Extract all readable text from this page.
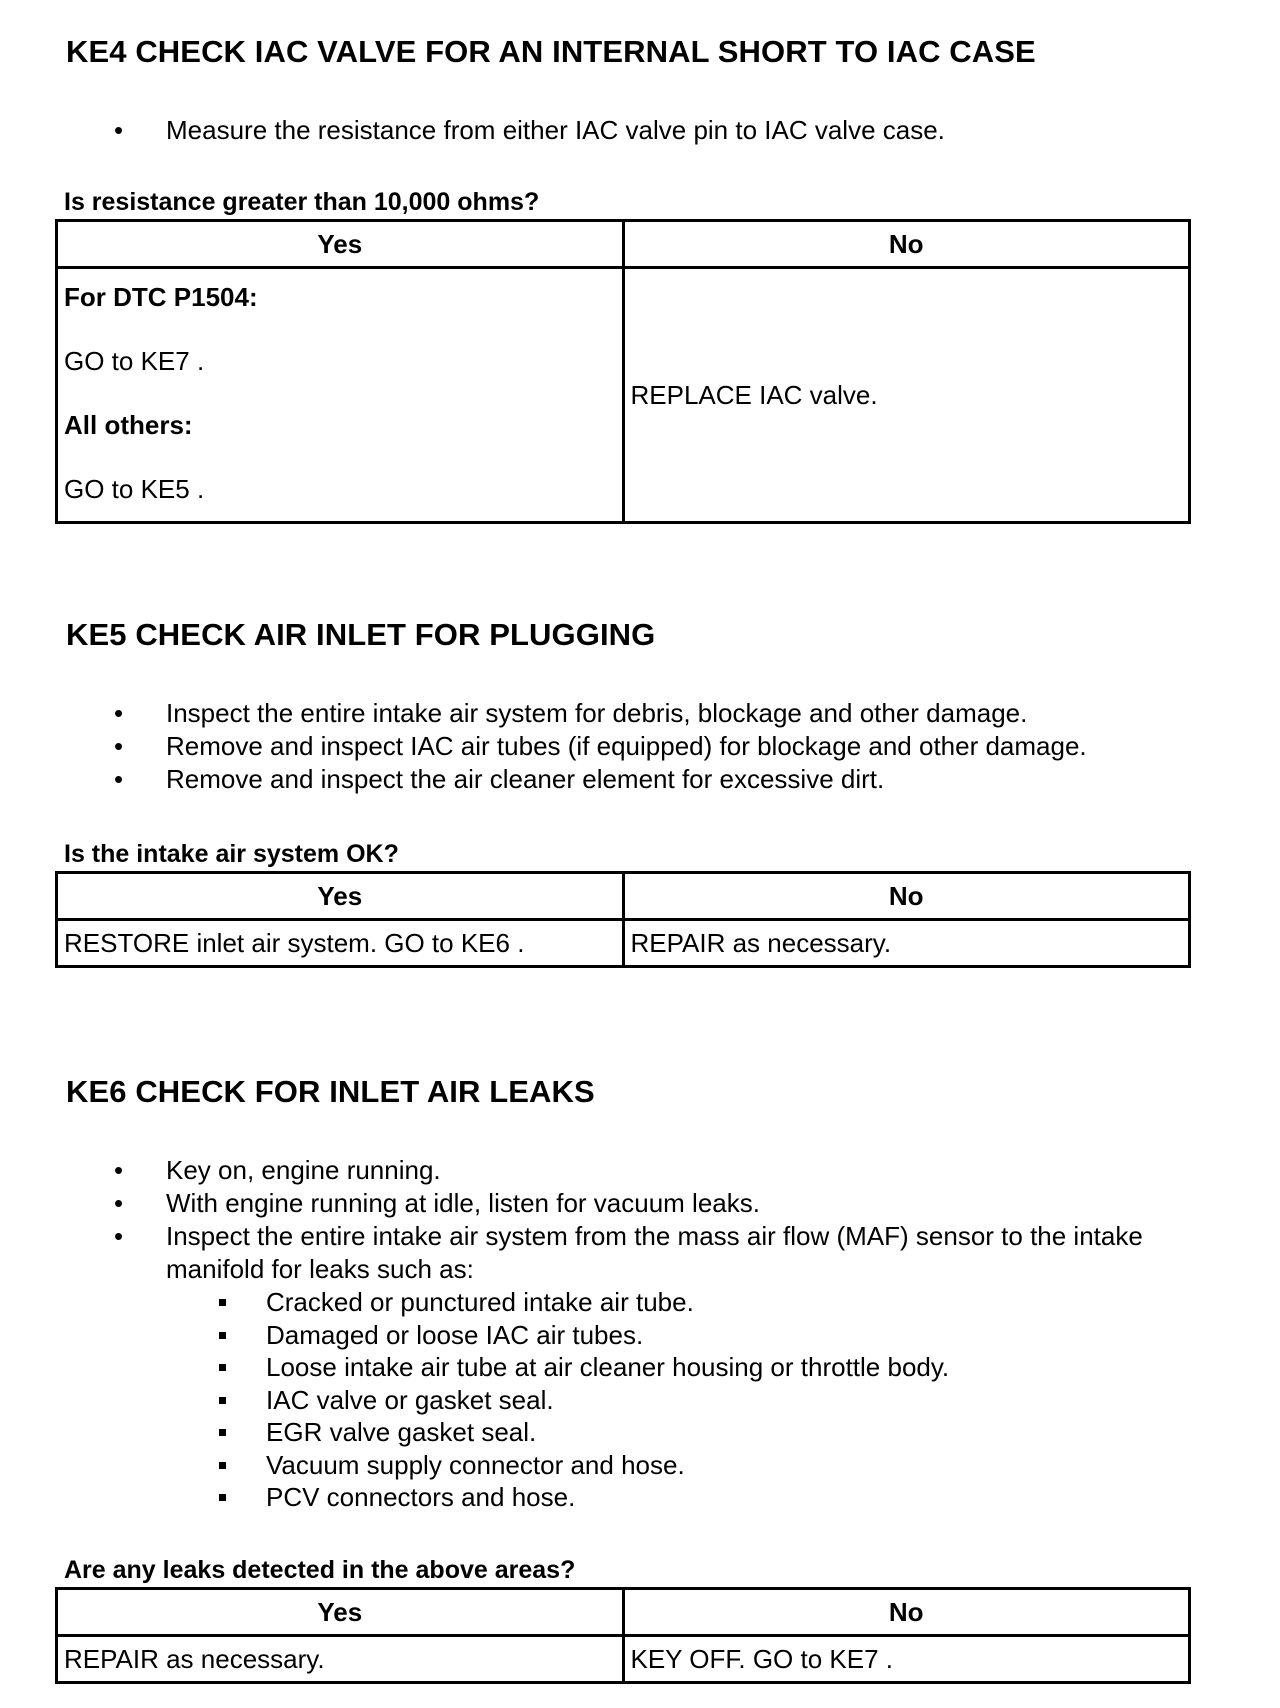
KE4 CHECK IAC VALVE FOR AN INTERNAL SHORT TO IAC CASE
• Measure the resistance from either IAC valve pin to IAC valve case.

Is resistance greater than 10,000 ohms?

Yes	No

For DTC P1504:

GO to KE7 .

All others:

GO to KE5 .	REPLACE IAC valve.
KE5 CHECK AIR INLET FOR PLUGGING
• Inspect the entire intake air system for debris, blockage and other damage.
• Remove and inspect IAC air tubes (if equipped) for blockage and other damage.
• Remove and inspect the air cleaner element for excessive dirt.

Is the intake air system OK?

Yes	No
RESTORE inlet air system. GO to KE6 .	REPAIR as necessary.
KE6 CHECK FOR INLET AIR LEAKS
• Key on, engine running.
• With engine running at idle, listen for vacuum leaks.
• Inspect the entire intake air system from the mass air flow (MAF) sensor to the intake manifold for leaks such as:
Cracked or punctured intake air tube.
Damaged or loose IAC air tubes.
Loose intake air tube at air cleaner housing or throttle body.
IAC valve or gasket seal.
EGR valve gasket seal.
Vacuum supply connector and hose.
PCV connectors and hose.

Are any leaks detected in the above areas?

Yes	No
REPAIR as necessary.	KEY OFF. GO to KE7 .
